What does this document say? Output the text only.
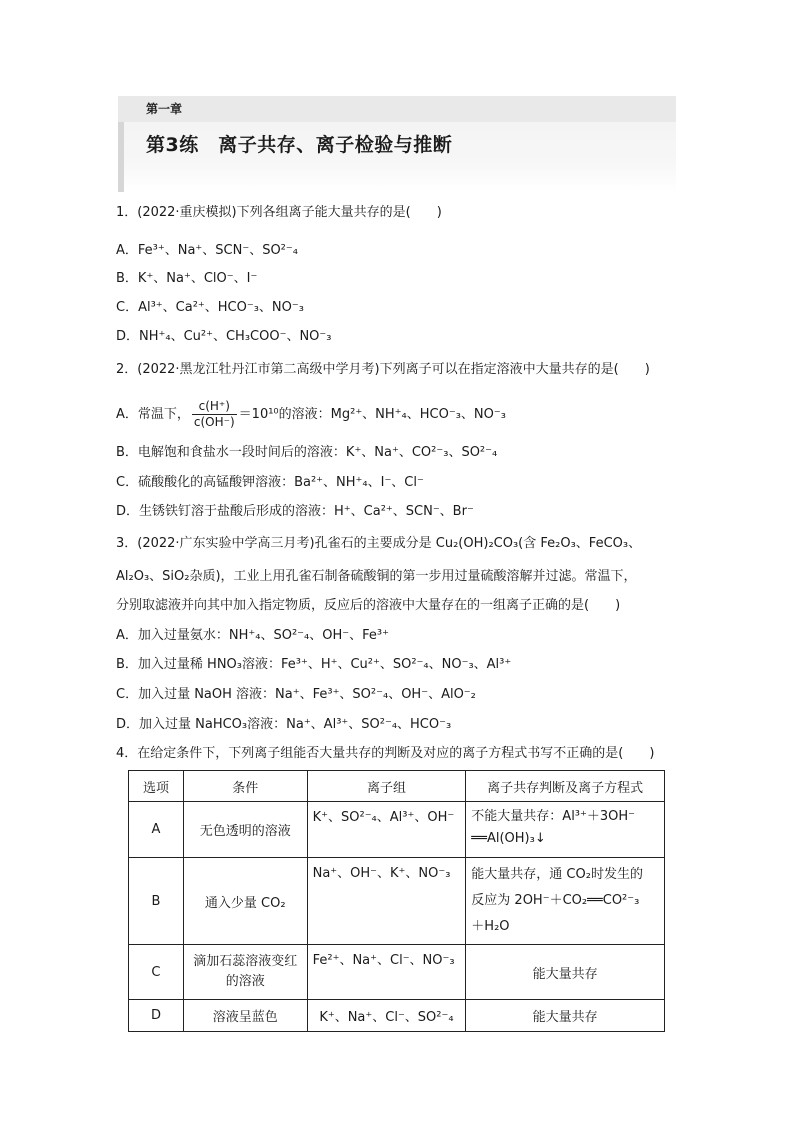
第一章
第3练　离子共存、离子检验与推断
1．(2022·重庆模拟)下列各组离子能大量共存的是(　　)
A．Fe³⁺、Na⁺、SCN⁻、SO²⁻₄
B．K⁺、Na⁺、ClO⁻、I⁻
C．Al³⁺、Ca²⁺、HCO⁻₃、NO⁻₃
D．NH⁺₄、Cu²⁺、CH₃COO⁻、NO⁻₃
2．(2022·黑龙江牡丹江市第二高级中学月考)下列离子可以在指定溶液中大量共存的是(　　)
A．常温下， $\frac{c(H^+)}{c(OH^-)} =10^{10}$的溶液：Mg²⁺、NH⁺₄、HCO⁻₃、NO⁻₃
B．电解饱和食盐水一段时间后的溶液：K⁺、Na⁺、CO²⁻₃、SO²⁻₄
C．硫酸酸化的高锰酸钾溶液：Ba²⁺、NH⁺₄、I⁻、Cl⁻
D．生锈铁钉溶于盐酸后形成的溶液：H⁺、Ca²⁺、SCN⁻、Br⁻
3．(2022·广东实验中学高三月考)孔雀石的主要成分是 Cu₂(OH)₂CO₃(含 Fe₂O₃、FeCO₃、
Al₂O₃、SiO₂杂质)，工业上用孔雀石制备硫酸铜的第一步用过量硫酸溶解并过滤。常温下，
分别取滤液并向其中加入指定物质，反应后的溶液中大量存在的一组离子正确的是(　　)
A．加入过量氨水：NH⁺₄、SO²⁻₄、OH⁻、Fe³⁺
B．加入过量稀 HNO₃溶液：Fe³⁺、H⁺、Cu²⁺、SO²⁻₄、NO⁻₃、Al³⁺
C．加入过量 NaOH 溶液：Na⁺、Fe³⁺、SO²⁻₄、OH⁻、AlO⁻₂
D．加入过量 NaHCO₃溶液：Na⁺、Al³⁺、SO²⁻₄、HCO⁻₃
4．在给定条件下，下列离子组能否大量共存的判断及对应的离子方程式书写不正确的是(　　)
选项	条件	离子组	离子共存判断及离子方程式
A	无色透明的溶液	K⁺、SO²⁻₄、Al³⁺、OH⁻	不能大量共存：Al³⁺＋3OH⁻
══Al(OH)₃↓

B	通入少量 CO₂	Na⁺、OH⁻、K⁺、NO⁻₃	能大量共存，通 CO₂时发生的
反应为 2OH⁻＋CO₂══CO²⁻₃
＋H₂O

C	滴加石蕊溶液变红的溶液	Fe²⁺、Na⁺、Cl⁻、NO⁻₃	能大量共存
D	溶液呈蓝色	K⁺、Na⁺、Cl⁻、SO²⁻₄	能大量共存
